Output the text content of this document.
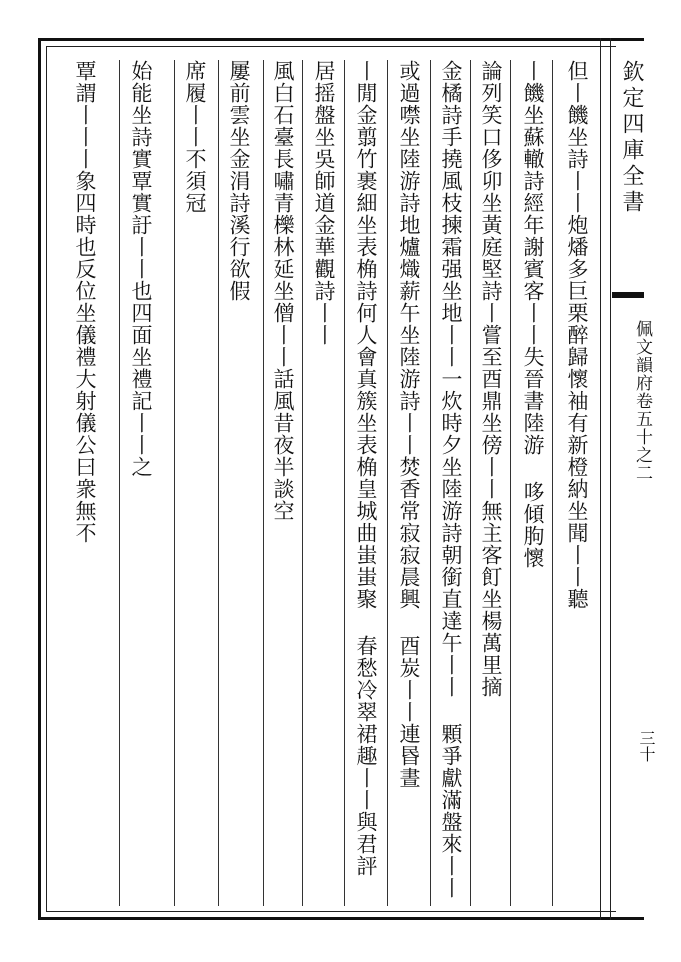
欽定四庫全書
佩文韻府卷五十之二
三十
但丨饑坐詩丨丨炮燔多巨栗醉歸懷袖有新橙納坐聞丨丨聽
丨饑坐蘇轍詩經年謝賓客丨丨失晉書陸游 哆傾朐懷
論列笑口侈卯坐黃庭堅詩丨嘗至酉鼎坐傍丨丨無主客飣坐楊萬里摘
金橘詩手撓風枝揀霜强坐地丨丨一炊時夕坐陸游詩朝銜直達午丨丨 顆爭獻滿盤來丨丨
或過噤坐陸游詩地爐熾薪午坐陸游詩丨丨焚香常寂寂晨興 酉炭丨丨連昬晝
丨閒金翦竹裹細坐表桷詩何人會真簇坐表桷皇城曲蚩蚩聚 春愁冷翠裙趣丨丨與君評
居摇盤坐吳師道金華觀詩丨丨
風白石臺長嘯青櫟林延坐僧丨丨話風昔夜半談空
屢前雲坐金涓詩溪行欲假
席履丨丨不須冠
始能坐詩實覃實訏丨丨也四面坐禮記丨丨之
覃謂丨丨丨象四時也反位坐儀禮大射儀公曰衆無不
